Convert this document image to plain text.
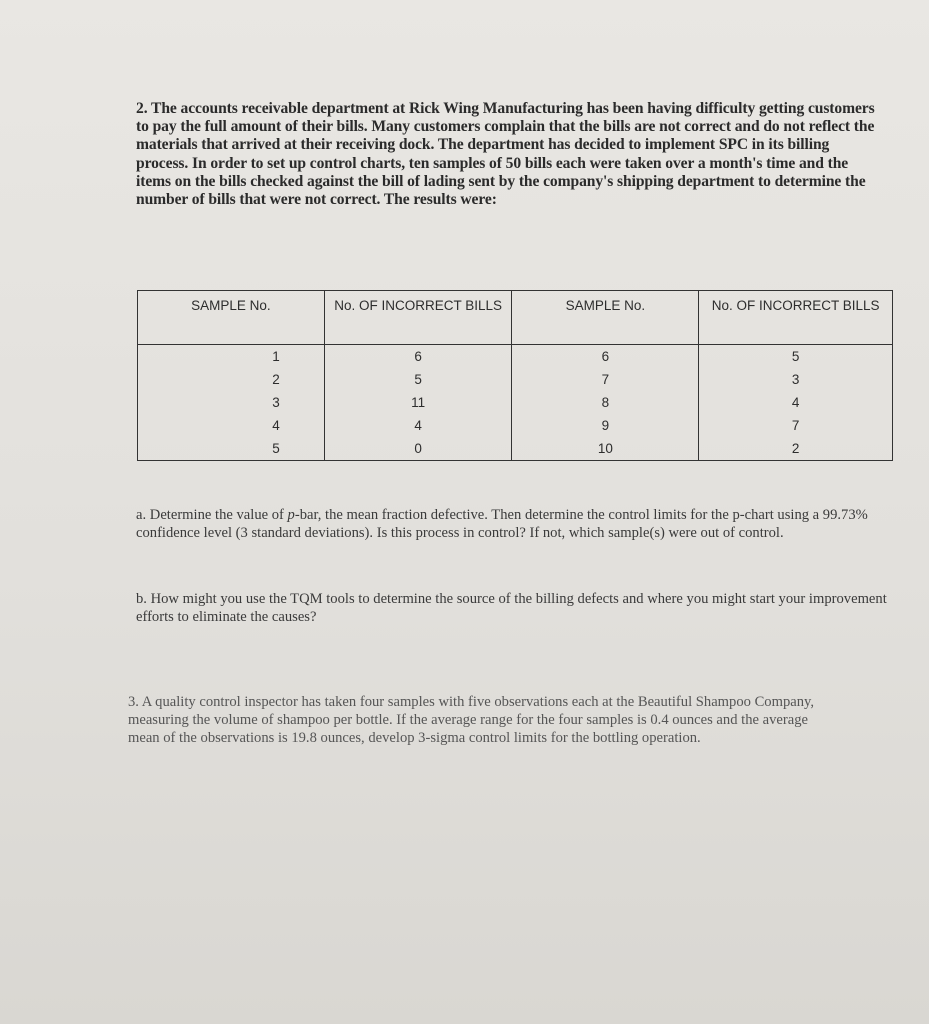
2. The accounts receivable department at Rick Wing Manufacturing has been having difficulty getting customers to pay the full amount of their bills. Many customers complain that the bills are not correct and do not reflect the materials that arrived at their receiving dock. The department has decided to implement SPC in its billing process. In order to set up control charts, ten samples of 50 bills each were taken over a month's time and the items on the bills checked against the bill of lading sent by the company's shipping department to determine the number of bills that were not correct. The results were:
SAMPLE No.	No. OF INCORRECT BILLS	SAMPLE No.	No. OF INCORRECT BILLS
1	6	6	5
2	5	7	3
3	11	8	4
4	4	9	7
5	0	10	2
a. Determine the value of p-bar, the mean fraction defective. Then determine the control limits for the p-chart using a 99.73% confidence level (3 standard deviations). Is this process in control? If not, which sample(s) were out of control.
b. How might you use the TQM tools to determine the source of the billing defects and where you might start your improvement efforts to eliminate the causes?
3. A quality control inspector has taken four samples with five observations each at the Beautiful Shampoo Company, measuring the volume of shampoo per bottle. If the average range for the four samples is 0.4 ounces and the average mean of the observations is 19.8 ounces, develop 3-sigma control limits for the bottling operation.
